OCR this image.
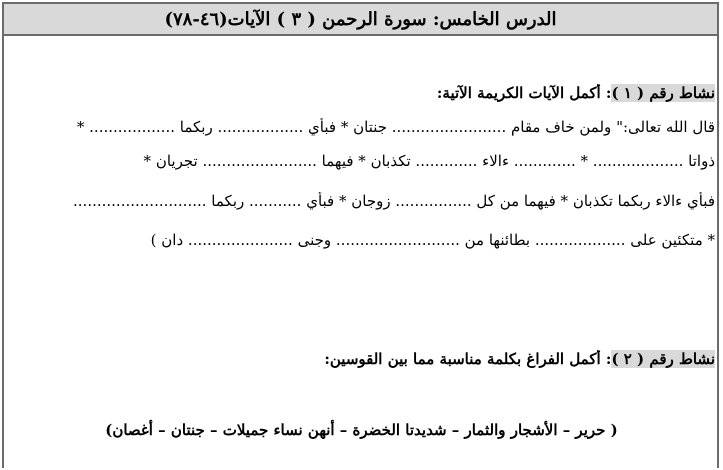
الدرس الخامس: سورة الرحمن ( ٣ ) الآيات(٤٦-٧٨)
نشاط رقم ( ١ ): أكمل الآيات الكريمة الآتية:
قال الله تعالى:" ولمن خاف مقام ........................ جنتان * فبأي .................. ربكما .................. *
ذواتا ................... * ............. ءالاء ............. تكذبان * فيهما ........................ تجريان *
فبأي ءالاء ربكما تكذبان * فيهما من كل ................ زوجان * فبأي ........... ربكما ............................
* متكئين على ................... بطائنها من .......................... وجنى ...................... دان )
نشاط رقم ( ٢ ): أكمل الفراغ بكلمة مناسبة مما بين القوسين:
( حرير – الأشجار والثمار – شديدتا الخضرة – أنهن نساء جميلات – جنتان – أغصان)
